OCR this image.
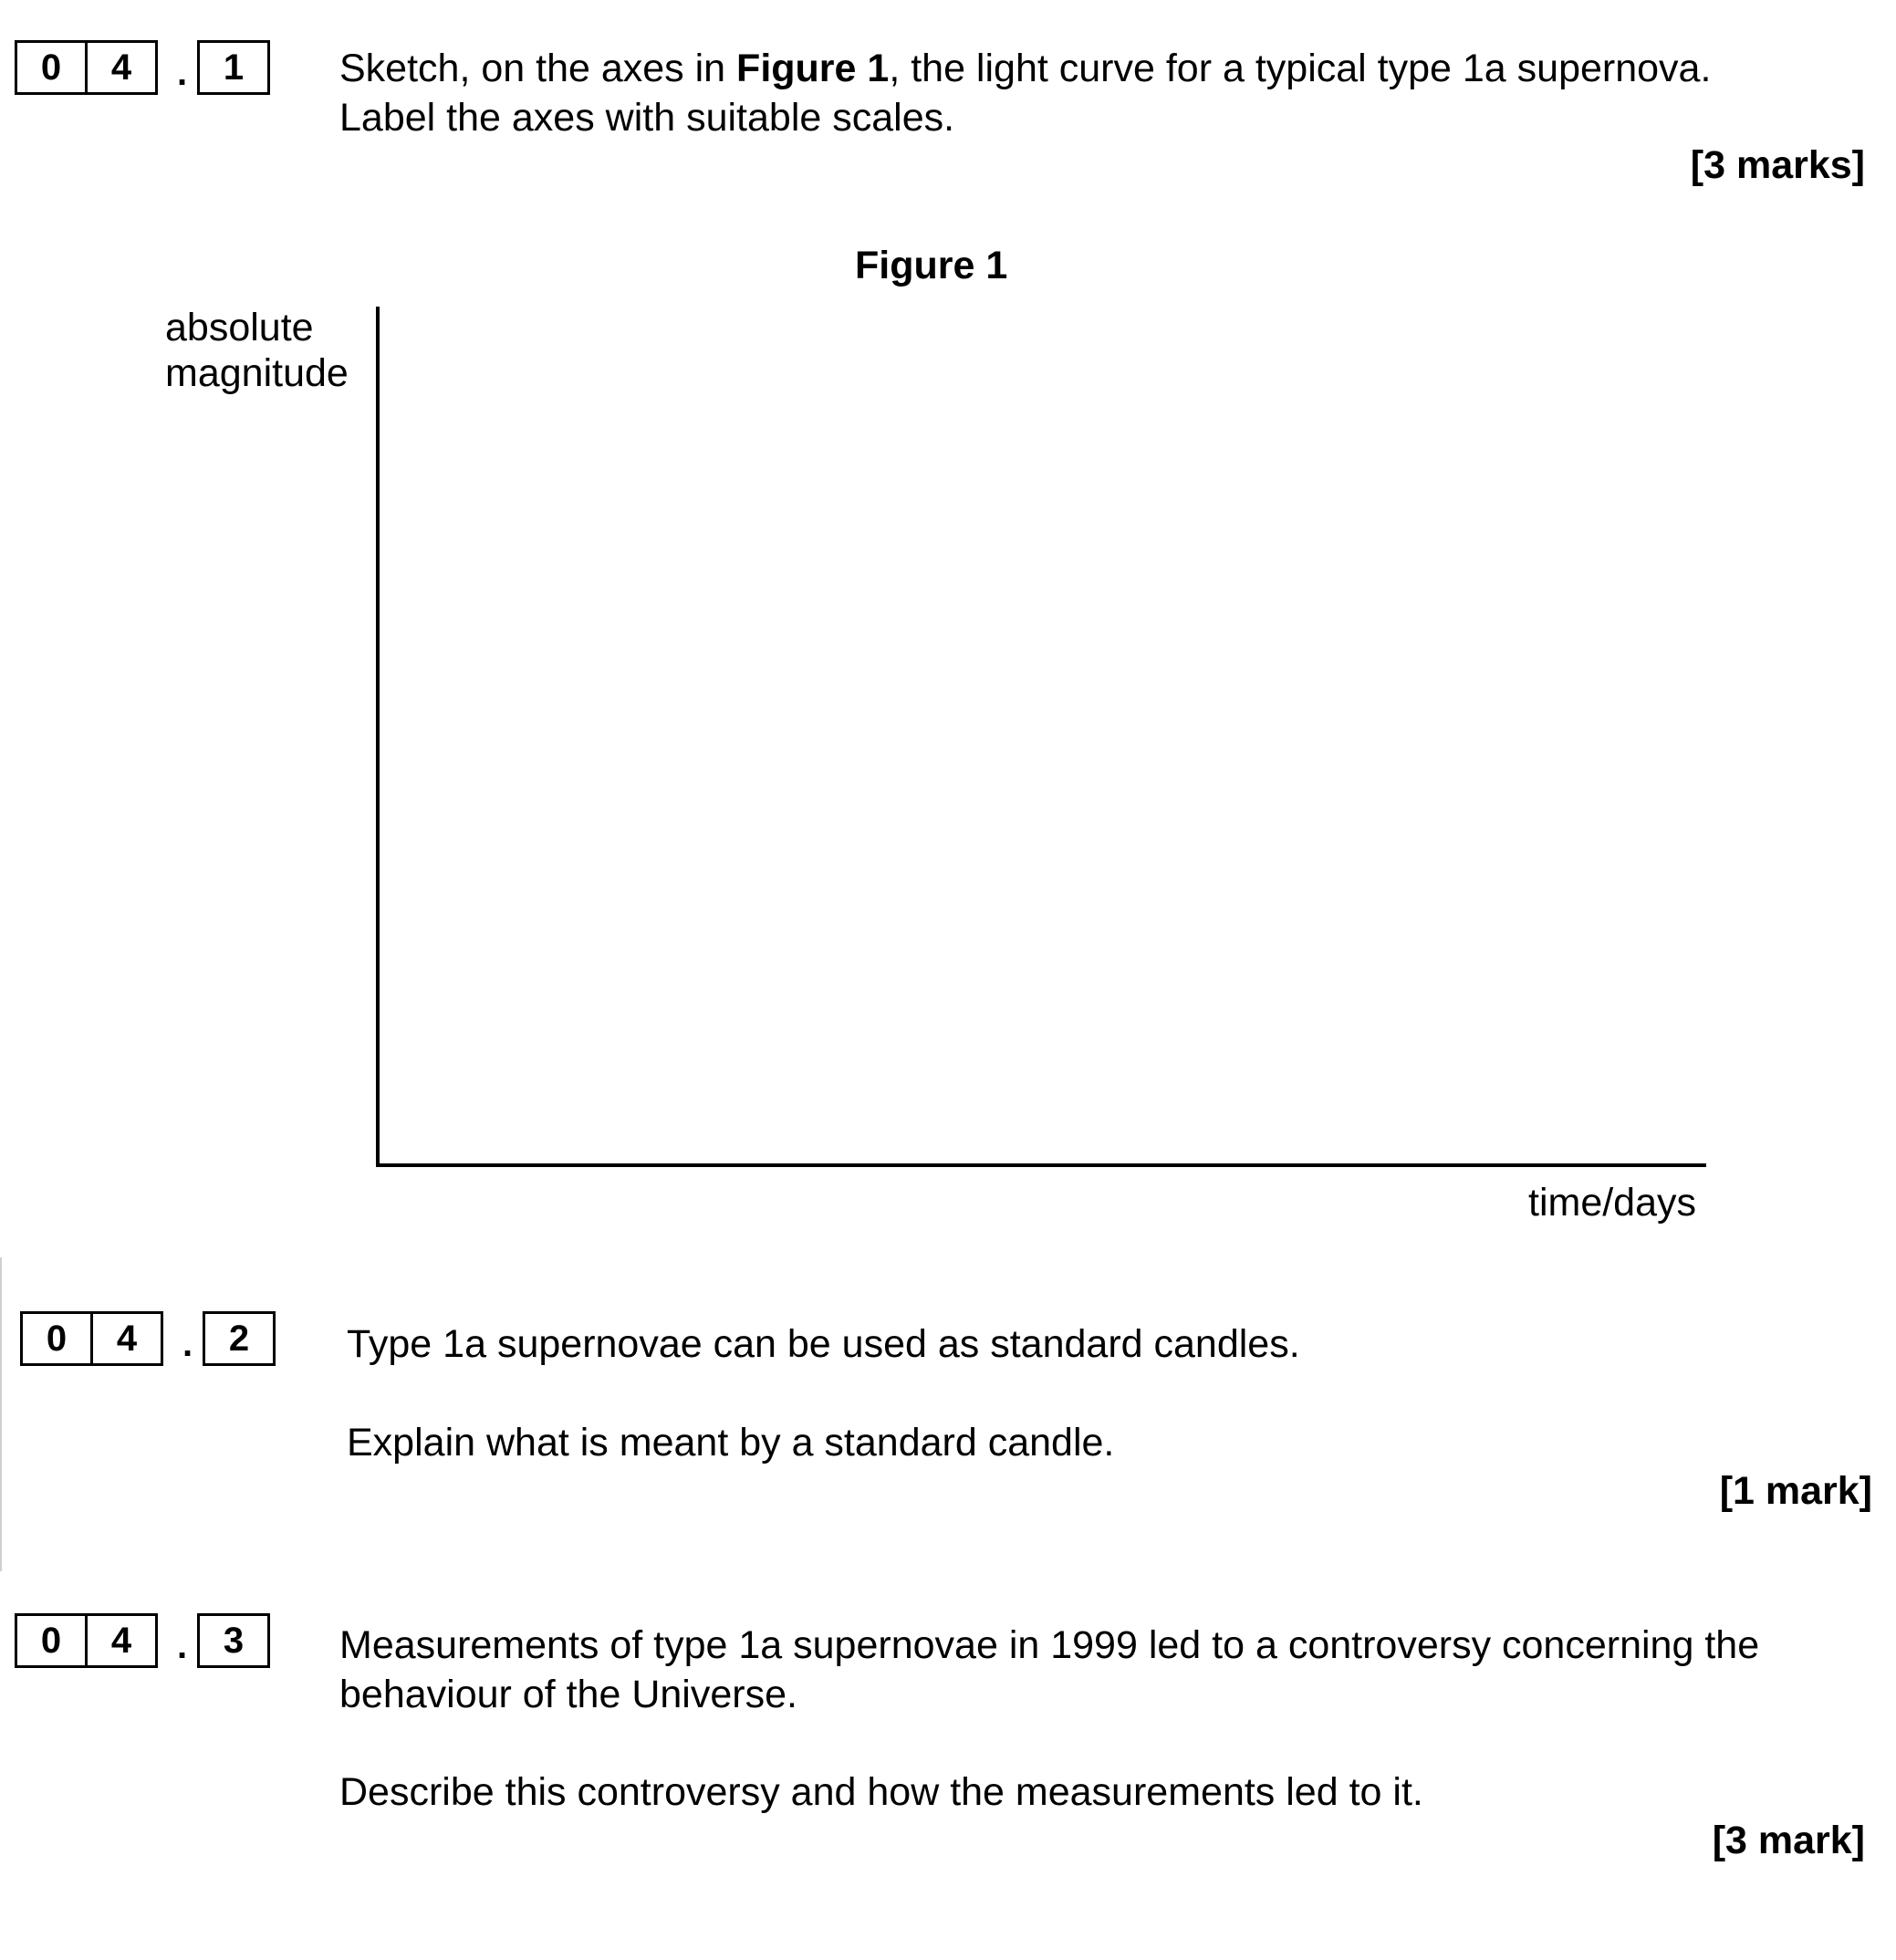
0	4	. 1	Sketch, on the axes in Figure 1, the light curve for a typical type 1a supernova.
Label the axes with suitable scales.
[3 marks]
Figure 1
absolute
magnitude
time/days
0	4	. 2	Type 1a supernovae can be used as standard candles.
Explain what is meant by a standard candle.
[1 mark]
0	4	. 3	Measurements of type 1a supernovae in 1999 led to a controversy concerning the
behaviour of the Universe.
Describe this controversy and how the measurements led to it.
[3 mark]
